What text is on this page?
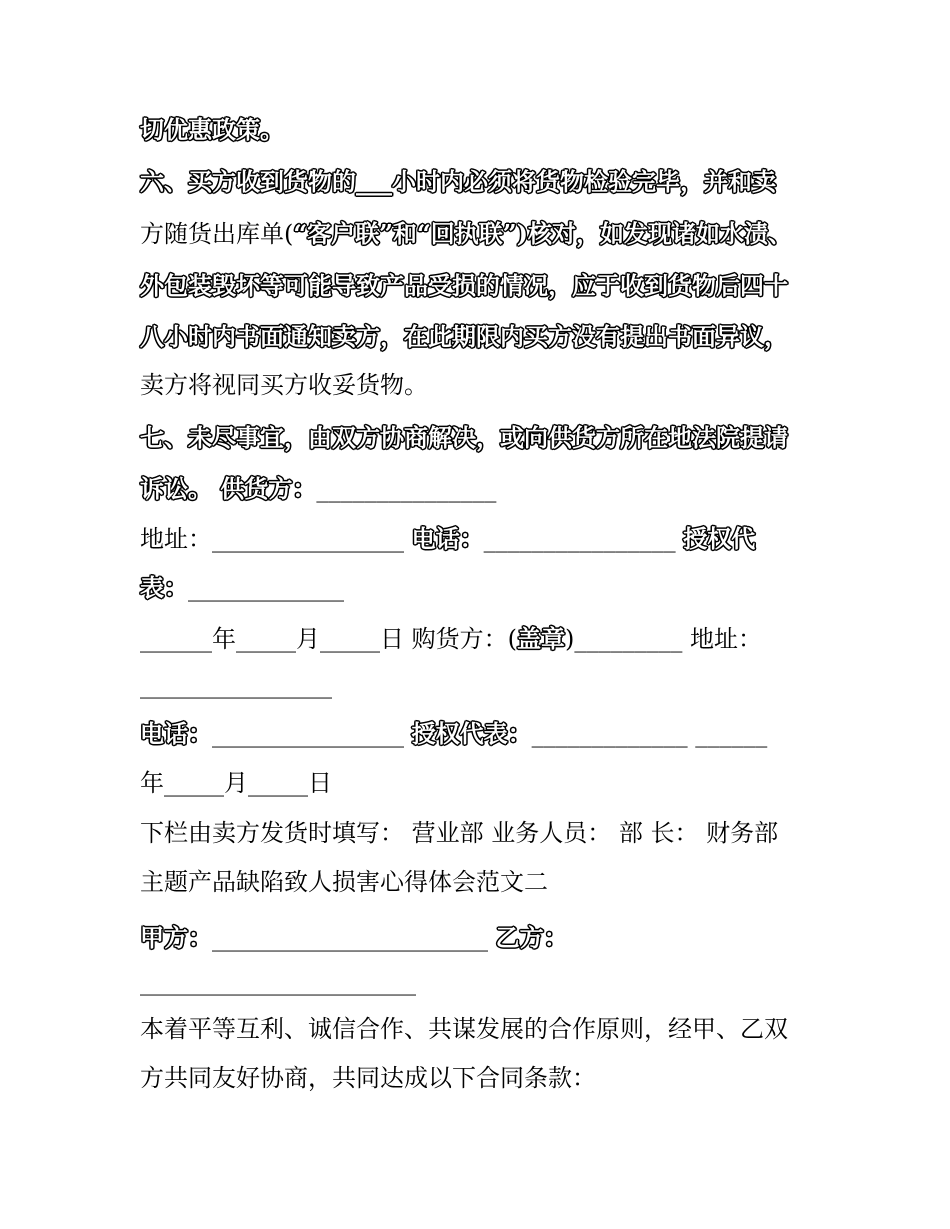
切优惠政策。
六、买方收到货物的___小时内必须将货物检验完毕，并和卖
方随货出库单(“客户联”和“回执联”)核对，如发现诸如水渍、
外包装毁坏等可能导致产品受损的情况，应于收到货物后四十
八小时内书面通知卖方，在此期限内买方没有提出书面异议，
卖方将视同买方收妥货物。
七、未尽事宜，由双方协商解决，或向供货方所在地法院提请
诉讼。 供货方：_______________
地址：________________ 电话：________________ 授权代
表：_____________
______年_____月_____日 购货方：(盖章)_________ 地址：
________________
电话：________________ 授权代表：_____________ ______
年_____月_____日
下栏由卖方发货时填写： 营业部 业务人员： 部 长： 财务部
主题产品缺陷致人损害心得体会范文二
甲方：_______________________ 乙方：
_______________________
本着平等互利、诚信合作、共谋发展的合作原则，经甲、乙双
方共同友好协商，共同达成以下合同条款：
